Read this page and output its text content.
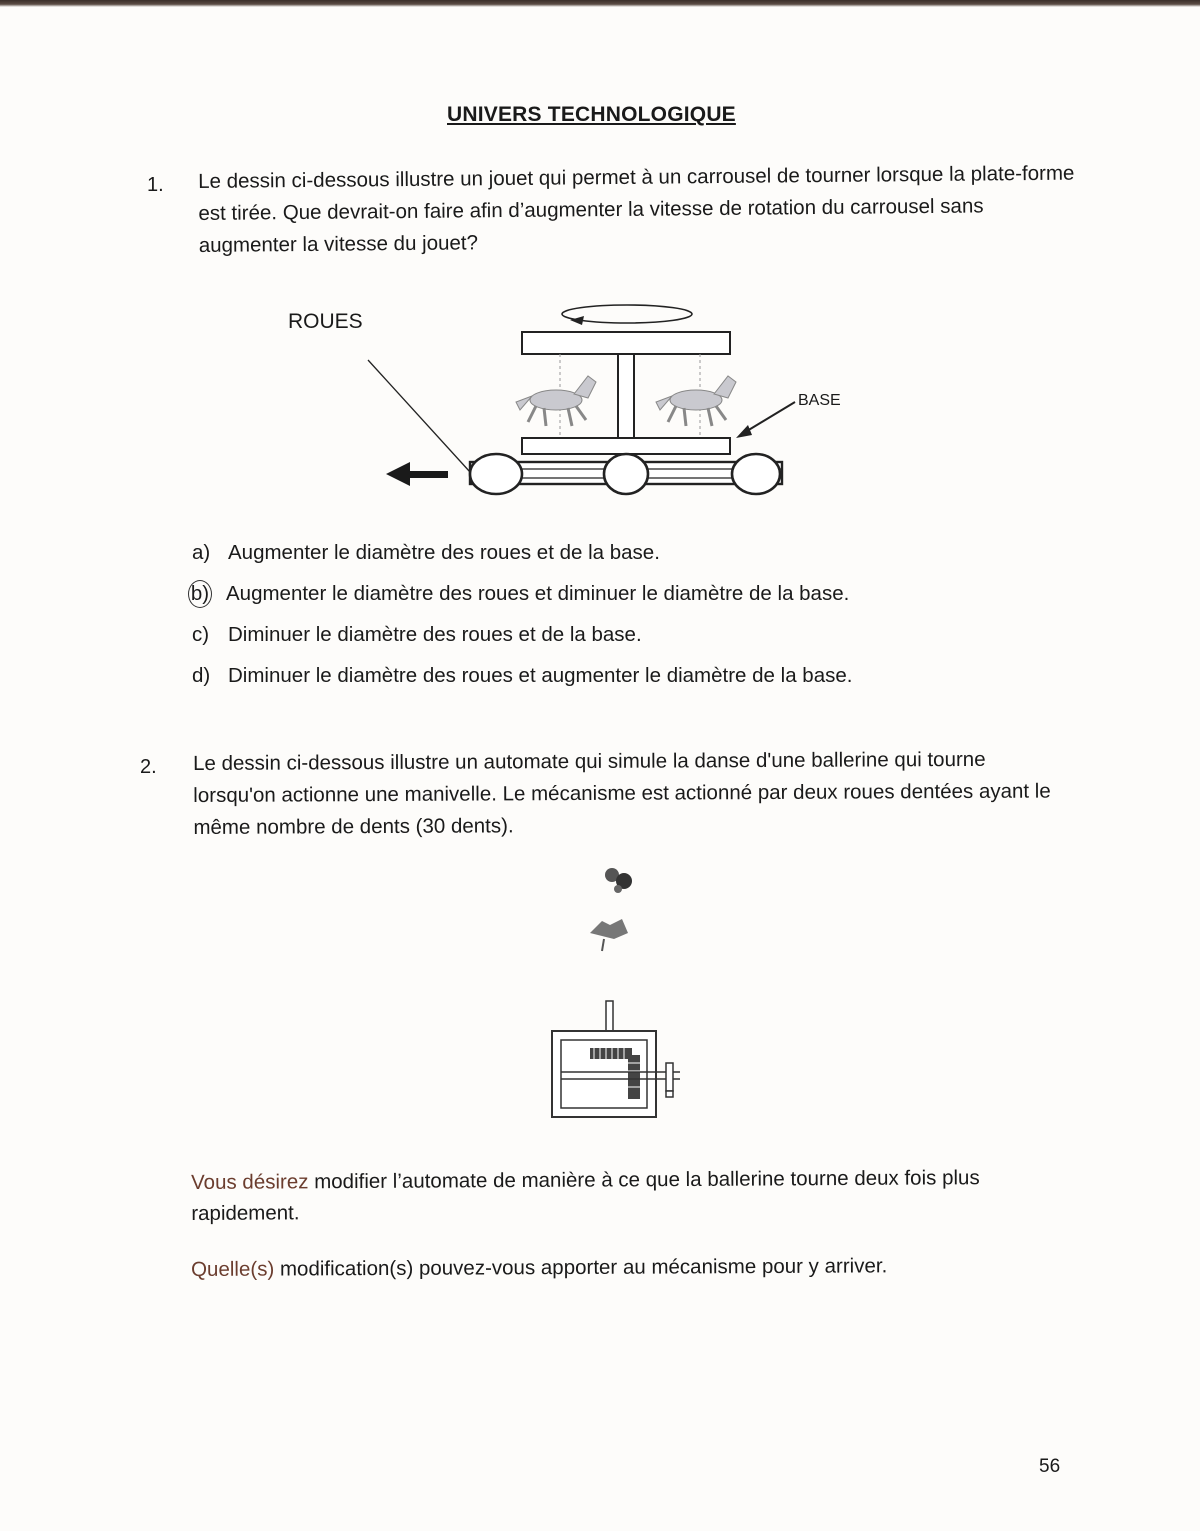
UNIVERS TECHNOLOGIQUE
1. Le dessin ci-dessous illustre un jouet qui permet à un carrousel de tourner lorsque la plate-forme est tirée. Que devrait-on faire afin d’augmenter la vitesse de rotation du carrousel sans augmenter la vitesse du jouet?
ROUES
BASE
a) Augmenter le diamètre des roues et de la base.
b) Augmenter le diamètre des roues et diminuer le diamètre de la base.
c) Diminuer le diamètre des roues et de la base.
d) Diminuer le diamètre des roues et augmenter le diamètre de la base.
2. Le dessin ci-dessous illustre un automate qui simule la danse d'une ballerine qui tourne lorsqu'on actionne une manivelle. Le mécanisme est actionné par deux roues dentées ayant le même nombre de dents (30 dents).
Vous désirez modifier l’automate de manière à ce que la ballerine tourne deux fois plus rapidement.
Quelle(s) modification(s) pouvez-vous apporter au mécanisme pour y arriver.
56
